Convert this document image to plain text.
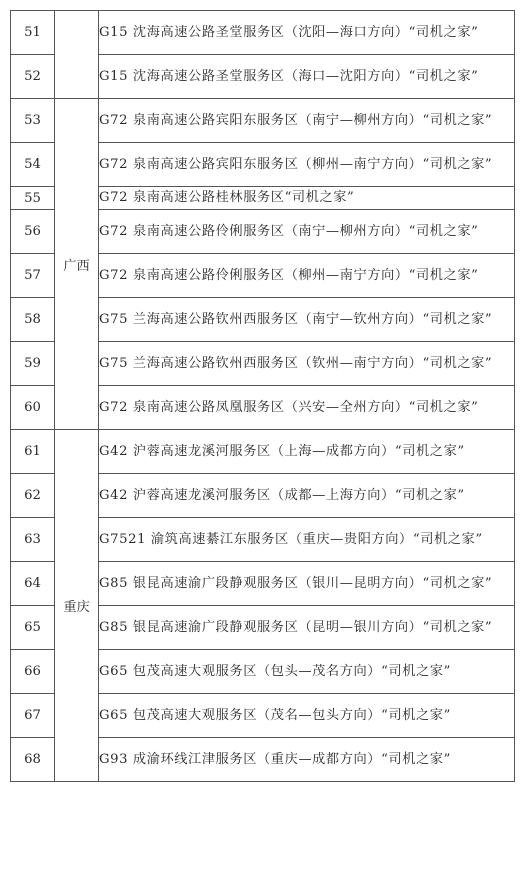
51		G15 沈海高速公路圣堂服务区（沈阳—海口方向）“司机之家”
52		G15 沈海高速公路圣堂服务区（海口—沈阳方向）“司机之家”
53	广西	G72 泉南高速公路宾阳东服务区（南宁—柳州方向）“司机之家”
54		G72 泉南高速公路宾阳东服务区（柳州—南宁方向）“司机之家”
55		G72 泉南高速公路桂林服务区“司机之家”
56		G72 泉南高速公路伶俐服务区（南宁—柳州方向）“司机之家”
57		G72 泉南高速公路伶俐服务区（柳州—南宁方向）“司机之家”
58		G75 兰海高速公路钦州西服务区（南宁—钦州方向）“司机之家”
59		G75 兰海高速公路钦州西服务区（钦州—南宁方向）“司机之家”
60		G72 泉南高速公路凤凰服务区（兴安—全州方向）“司机之家”
61	重庆	G42 沪蓉高速龙溪河服务区（上海—成都方向）“司机之家”
62		G42 沪蓉高速龙溪河服务区（成都—上海方向）“司机之家”
63		G7521 渝筑高速綦江东服务区（重庆—贵阳方向）“司机之家”
64		G85 银昆高速渝广段静观服务区（银川—昆明方向）“司机之家”
65		G85 银昆高速渝广段静观服务区（昆明—银川方向）“司机之家”
66		G65 包茂高速大观服务区（包头—茂名方向）“司机之家”
67		G65 包茂高速大观服务区（茂名—包头方向）“司机之家”
68		G93 成渝环线江津服务区（重庆—成都方向）“司机之家”
